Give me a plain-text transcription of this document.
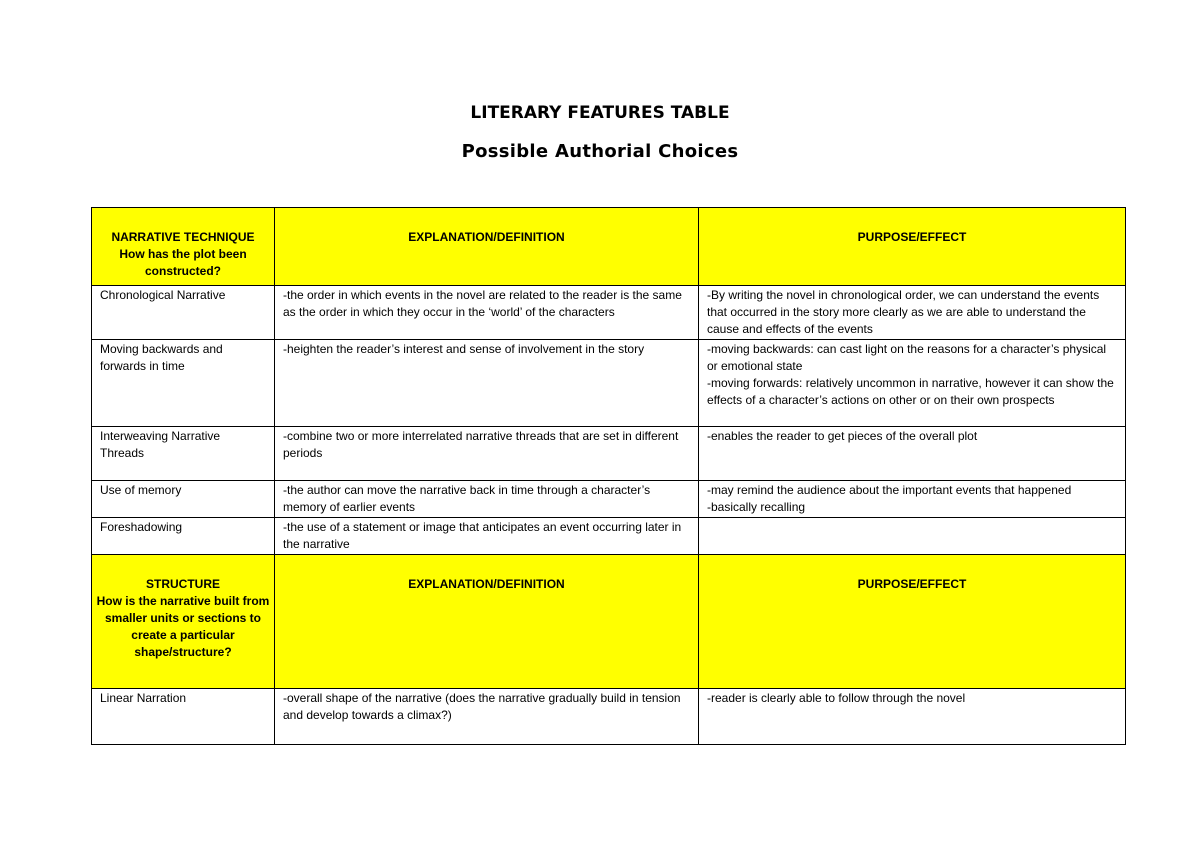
LITERARY FEATURES TABLE
Possible Authorial Choices
NARRATIVE TECHNIQUE
How has the plot been constructed?	EXPLANATION/DEFINITION	PURPOSE/EFFECT
Chronological Narrative	-the order in which events in the novel are related to the reader is the same as the order in which they occur in the ‘world’ of the characters	-By writing the novel in chronological order, we can understand the events that occurred in the story more clearly as we are able to understand the cause and effects of the events

Moving backwards and forwards in time	-heighten the reader’s interest and sense of involvement in the story	-moving backwards: can cast light on the reasons for a character’s physical or emotional state
-moving forwards: relatively uncommon in narrative, however it can show the effects of a character’s actions on other or on their own prospects

Interweaving Narrative Threads	-combine two or more interrelated narrative threads that are set in different periods	-enables the reader to get pieces of the overall plot

Use of memory	-the author can move the narrative back in time through a character’s memory of earlier events	-may remind the audience about the important events that happened
-basically recalling

Foreshadowing	-the use of a statement or image that anticipates an event occurring later in the narrative	

STRUCTURE
How is the narrative built from smaller units or sections to create a particular shape/structure?	EXPLANATION/DEFINITION	PURPOSE/EFFECT
Linear Narration	-overall shape of the narrative (does the narrative gradually build in tension and develop towards a climax?)	-reader is clearly able to follow through the novel
